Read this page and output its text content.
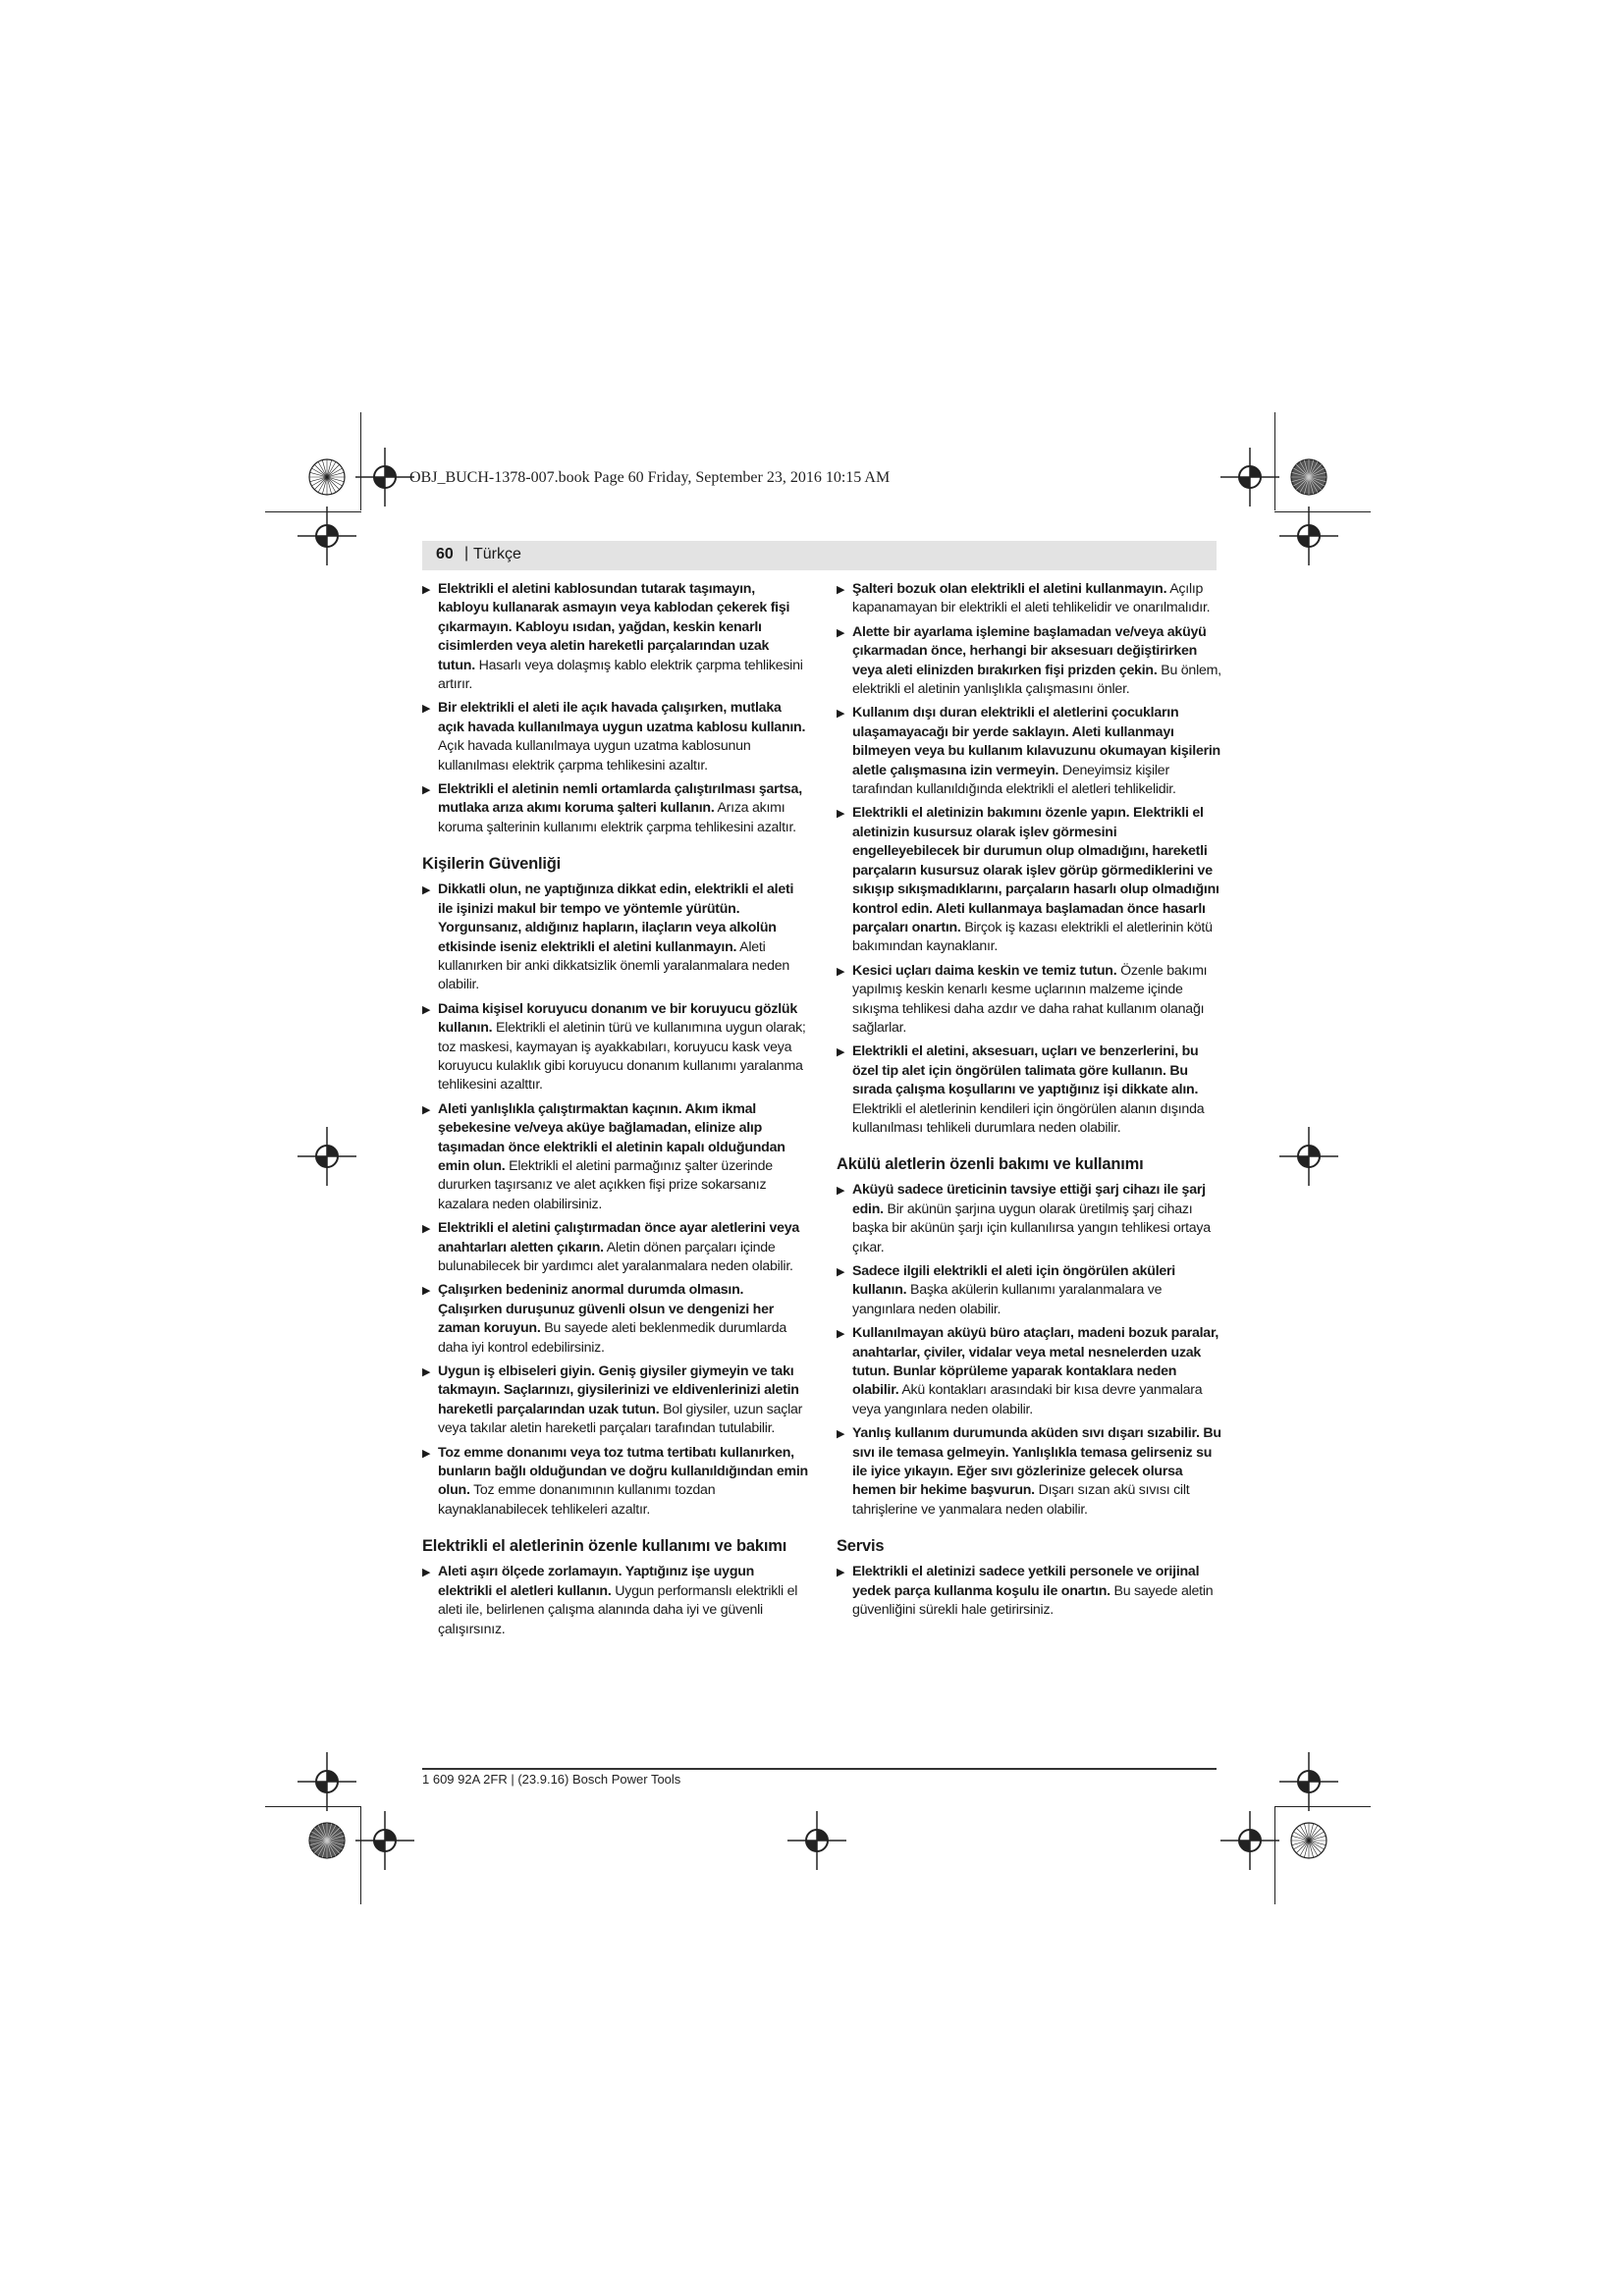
OBJ_BUCH-1378-007.book Page 60 Friday, September 23, 2016 10:15 AM
60 | Türkçe
▶ Elektrikli el aletini kablosundan tutarak taşımayın, kabloyu kullanarak asmayın veya kablodan çekerek fişi çıkarmayın. Kabloyu ısıdan, yağdan, keskin kenarlı cisimlerden veya aletin hareketli parçalarından uzak tutun. Hasarlı veya dolaşmış kablo elektrik çarpma tehlikesini artırır.
▶ Bir elektrikli el aleti ile açık havada çalışırken, mutlaka açık havada kullanılmaya uygun uzatma kablosu kullanın. Açık havada kullanılmaya uygun uzatma kablosunun kullanılması elektrik çarpma tehlikesini azaltır.
▶ Elektrikli el aletinin nemli ortamlarda çalıştırılması şartsa, mutlaka arıza akımı koruma şalteri kullanın. Arıza akımı koruma şalterinin kullanımı elektrik çarpma tehlikesini azaltır.
Kişilerin Güvenliği
▶ Dikkatli olun, ne yaptığınıza dikkat edin, elektrikli el aleti ile işinizi makul bir tempo ve yöntemle yürütün. Yorgunsanız, aldığınız hapların, ilaçların veya alkolün etkisinde iseniz elektrikli el aletini kullanmayın. Aleti kullanırken bir anki dikkatsizlik önemli yaralanmalara neden olabilir.
▶ Daima kişisel koruyucu donanım ve bir koruyucu gözlük kullanın. Elektrikli el aletinin türü ve kullanımına uygun olarak; toz maskesi, kaymayan iş ayakkabıları, koruyucu kask veya koruyucu kulaklık gibi koruyucu donanım kullanımı yaralanma tehlikesini azalttır.
▶ Aleti yanlışlıkla çalıştırmaktan kaçının. Akım ikmal şebekesine ve/veya aküye bağlamadan, elinize alıp taşımadan önce elektrikli el aletinin kapalı olduğundan emin olun. Elektrikli el aletini parmağınız şalter üzerinde dururken taşırsanız ve alet açıkken fişi prize sokarsanız kazalara neden olabilirsiniz.
▶ Elektrikli el aletini çalıştırmadan önce ayar aletlerini veya anahtarları aletten çıkarın. Aletin dönen parçaları içinde bulunabilecek bir yardımcı alet yaralanmalara neden olabilir.
▶ Çalışırken bedeniniz anormal durumda olmasın. Çalışırken duruşunuz güvenli olsun ve dengenizi her zaman koruyun. Bu sayede aleti beklenmedik durumlarda daha iyi kontrol edebilirsiniz.
▶ Uygun iş elbiseleri giyin. Geniş giysiler giymeyin ve takı takmayın. Saçlarınızı, giysilerinizi ve eldivenlerinizi aletin hareketli parçalarından uzak tutun. Bol giysiler, uzun saçlar veya takılar aletin hareketli parçaları tarafından tutulabilir.
▶ Toz emme donanımı veya toz tutma tertibatı kullanırken, bunların bağlı olduğundan ve doğru kullanıldığından emin olun. Toz emme donanımının kullanımı tozdan kaynaklanabilecek tehlikeleri azaltır.
Elektrikli el aletlerinin özenle kullanımı ve bakımı
▶ Aleti aşırı ölçede zorlamayın. Yaptığınız işe uygun elektrikli el aletleri kullanın. Uygun performanslı elektrikli el aleti ile, belirlenen çalışma alanında daha iyi ve güvenli çalışırsınız.
▶ Şalteri bozuk olan elektrikli el aletini kullanmayın. Açılıp kapanamayan bir elektrikli el aleti tehlikelidir ve onarılmalıdır.
▶ Alette bir ayarlama işlemine başlamadan ve/veya aküyü çıkarmadan önce, herhangi bir aksesuarı değiştirirken veya aleti elinizden bırakırken fişi prizden çekin. Bu önlem, elektrikli el aletinin yanlışlıkla çalışmasını önler.
▶ Kullanım dışı duran elektrikli el aletlerini çocukların ulaşamayacağı bir yerde saklayın. Aleti kullanmayı bilmeyen veya bu kullanım kılavuzunu okumayan kişilerin aletle çalışmasına izin vermeyin. Deneyimsiz kişiler tarafından kullanıldığında elektrikli el aletleri tehlikelidir.
▶ Elektrikli el aletinizin bakımını özenle yapın. Elektrikli el aletinizin kusursuz olarak işlev görmesini engelleyebilecek bir durumun olup olmadığını, hareketli parçaların kusursuz olarak işlev görüp görmediklerini ve sıkışıp sıkışmadıklarını, parçaların hasarlı olup olmadığını kontrol edin. Aleti kullanmaya başlamadan önce hasarlı parçaları onartın. Birçok iş kazası elektrikli el aletlerinin kötü bakımından kaynaklanır.
▶ Kesici uçları daima keskin ve temiz tutun. Özenle bakımı yapılmış keskin kenarlı kesme uçlarının malzeme içinde sıkışma tehlikesi daha azdır ve daha rahat kullanım olanağı sağlarlar.
▶ Elektrikli el aletini, aksesuarı, uçları ve benzerlerini, bu özel tip alet için öngörülen talimata göre kullanın. Bu sırada çalışma koşullarını ve yaptığınız işi dikkate alın. Elektrikli el aletlerinin kendileri için öngörülen alanın dışında kullanılması tehlikeli durumlara neden olabilir.
Akülü aletlerin özenli bakımı ve kullanımı
▶ Aküyü sadece üreticinin tavsiye ettiği şarj cihazı ile şarj edin. Bir akünün şarjına uygun olarak üretilmiş şarj cihazı başka bir akünün şarjı için kullanılırsa yangın tehlikesi ortaya çıkar.
▶ Sadece ilgili elektrikli el aleti için öngörülen aküleri kullanın. Başka akülerin kullanımı yaralanmalara ve yangınlara neden olabilir.
▶ Kullanılmayan aküyü büro ataçları, madeni bozuk paralar, anahtarlar, çiviler, vidalar veya metal nesnelerden uzak tutun. Bunlar köprüleme yaparak kontaklara neden olabilir. Akü kontakları arasındaki bir kısa devre yanmalara veya yangınlara neden olabilir.
▶ Yanlış kullanım durumunda aküden sıvı dışarı sızabilir. Bu sıvı ile temasa gelmeyin. Yanlışlıkla temasa gelirseniz su ile iyice yıkayın. Eğer sıvı gözlerinize gelecek olursa hemen bir hekime başvurun. Dışarı sızan akü sıvısı cilt tahrişlerine ve yanmalara neden olabilir.
Servis
▶ Elektrikli el aletinizi sadece yetkili personele ve orijinal yedek parça kullanma koşulu ile onartın. Bu sayede aletin güvenliğini sürekli hale getirirsiniz.
1 609 92A 2FR | (23.9.16) Bosch Power Tools
